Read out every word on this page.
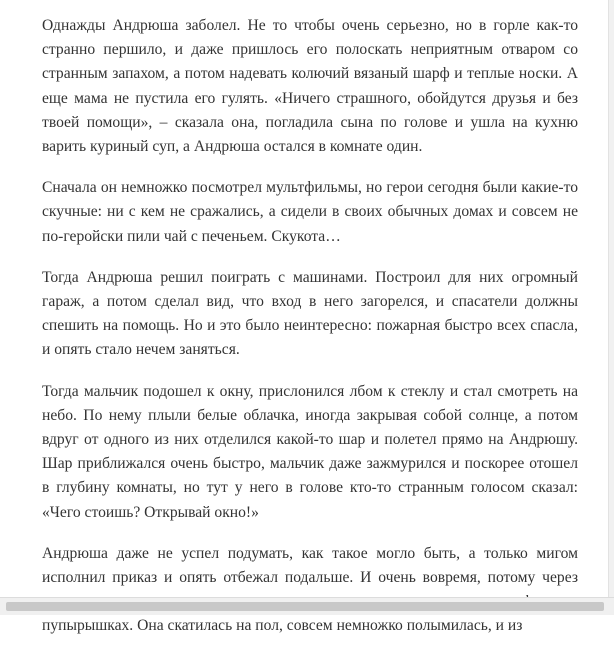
Однажды Андрюша заболел. Не то чтобы очень серьезно, но в горле как-то странно першило, и даже пришлось его полоскать неприятным отваром со странным запахом, а потом надевать колючий вязаный шарф и теплые носки. А еще мама не пустила его гулять. «Ничего страшного, обойдутся друзья и без твоей помощи», – сказала она, погладила сына по голове и ушла на кухню варить куриный суп, а Андрюша остался в комнате один.

Сначала он немножко посмотрел мультфильмы, но герои сегодня были какие-то скучные: ни с кем не сражались, а сидели в своих обычных домах и совсем не по-геройски пили чай с печеньем. Скукота…

Тогда Андрюша решил поиграть с машинами. Построил для них огромный гараж, а потом сделал вид, что вход в него загорелся, и спасатели должны спешить на помощь. Но и это было неинтересно: пожарная быстро всех спасла, и опять стало нечем заняться.

Тогда мальчик подошел к окну, прислонился лбом к стеклу и стал смотреть на небо. По нему плыли белые облачка, иногда закрывая собой солнце, а потом вдруг от одного из них отделился какой-то шар и полетел прямо на Андрюшу. Шар приближался очень быстро, мальчик даже зажмурился и поскорее отошел в глубину комнаты, но тут у него в голове кто-то странным голосом сказал: «Чего стоишь? Открывай окно!»

Андрюша даже не успел подумать, как такое могло быть, а только мигом исполнил приказ и опять отбежал подальше. И очень вовремя, потому через пупырышках. Она скатилась на пол, совсем немножко полымилась, и из
